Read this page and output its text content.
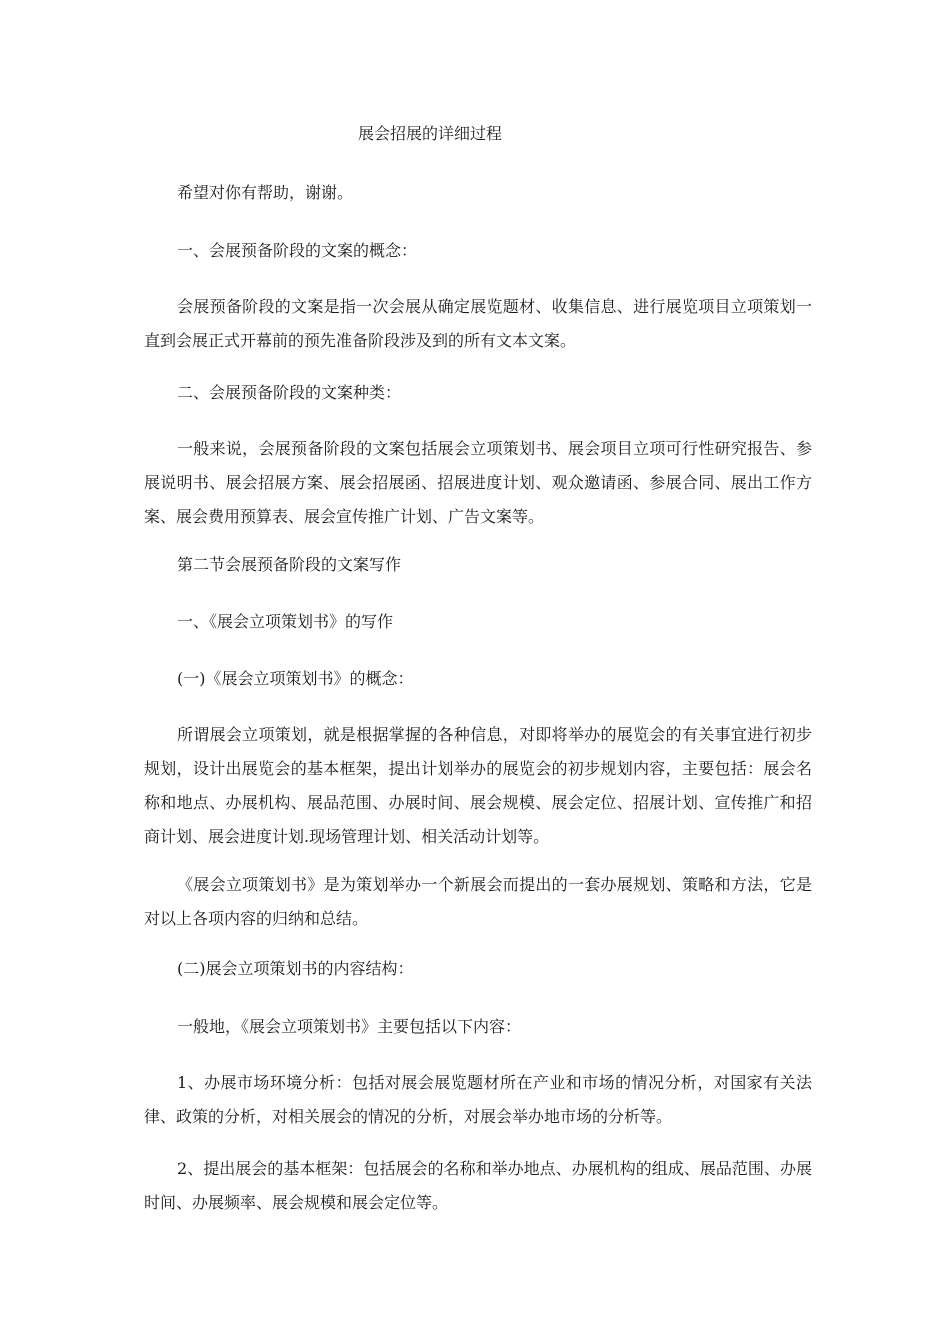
展会招展的详细过程

希望对你有帮助，谢谢。

一、会展预备阶段的文案的概念：

会展预备阶段的文案是指一次会展从确定展览题材、收集信息、进行展览项目立项策划一直到会展正式开幕前的预先准备阶段涉及到的所有文本文案。

二、会展预备阶段的文案种类：

一般来说，会展预备阶段的文案包括展会立项策划书、展会项目立项可行性研究报告、参展说明书、展会招展方案、展会招展函、招展进度计划、观众邀请函、参展合同、展出工作方案、展会费用预算表、展会宣传推广计划、广告文案等。

第二节会展预备阶段的文案写作

一、《展会立项策划书》的写作

(一)《展会立项策划书》的概念：

所谓展会立项策划，就是根据掌握的各种信息，对即将举办的展览会的有关事宜进行初步规划，设计出展览会的基本框架，提出计划举办的展览会的初步规划内容，主要包括：展会名称和地点、办展机构、展品范围、办展时间、展会规模、展会定位、招展计划、宣传推广和招商计划、展会进度计划.现场管理计划、相关活动计划等。

《展会立项策划书》是为策划举办一个新展会而提出的一套办展规划、策略和方法，它是对以上各项内容的归纳和总结。

(二)展会立项策划书的内容结构：

一般地，《展会立项策划书》主要包括以下内容：

1、办展市场环境分析：包括对展会展览题材所在产业和市场的情况分析，对国家有关法律、政策的分析，对相关展会的情况的分析，对展会举办地市场的分析等。

2、提出展会的基本框架：包括展会的名称和举办地点、办展机构的组成、展品范围、办展时间、办展频率、展会规模和展会定位等。
